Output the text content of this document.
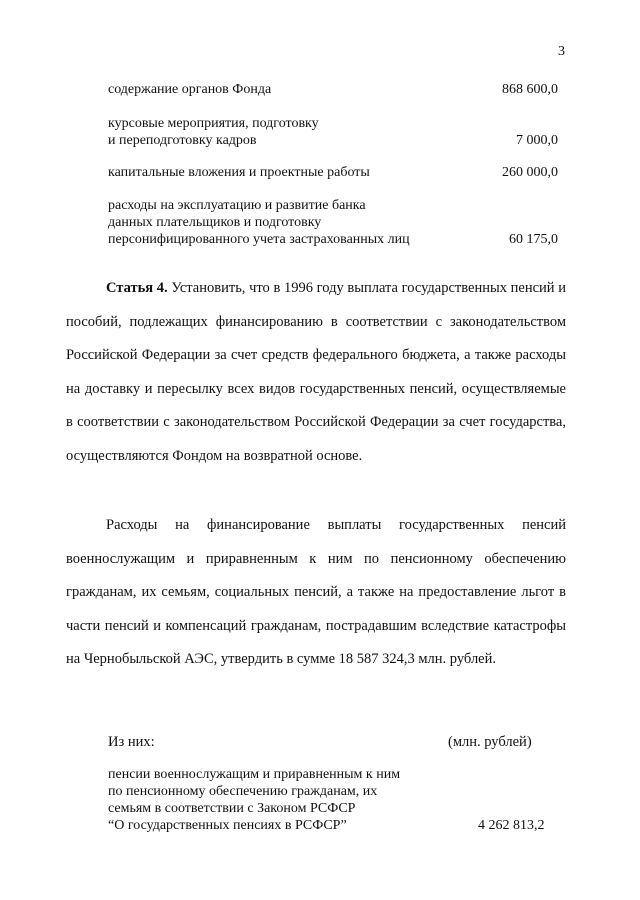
3
содержание органов Фонда	868 600,0
курсовые мероприятия, подготовку
и переподготовку кадров	7 000,0
капитальные вложения и проектные работы	260 000,0
расходы на эксплуатацию и развитие банка
данных плательщиков и подготовку
персонифицированного учета застрахованных лиц	60 175,0
Статья 4. Установить, что в 1996 году выплата государственных пенсий и пособий, подлежащих финансированию в соответствии с законодательством Российской Федерации за счет средств федерального бюджета, а также расходы на доставку и пересылку всех видов государственных пенсий, осуществляемые в соответствии с законодательством Российской Федерации за счет государства, осуществляются Фондом на возвратной основе.
Расходы на финансирование выплаты государственных пенсий военнослужащим и приравненным к ним по пенсионному обеспечению гражданам, их семьям, социальных пенсий, а также на предоставление льгот в части пенсий и компенсаций гражданам, пострадавшим вследствие катастрофы на Чернобыльской АЭС, утвердить в сумме 18 587 324,3 млн. рублей.
Из них:	(млн. рублей)
пенсии военнослужащим и приравненным к ним
по пенсионному обеспечению гражданам, их
семьям в соответствии с Законом РСФСР
“О государственных пенсиях в РСФСР”	4 262 813,2
